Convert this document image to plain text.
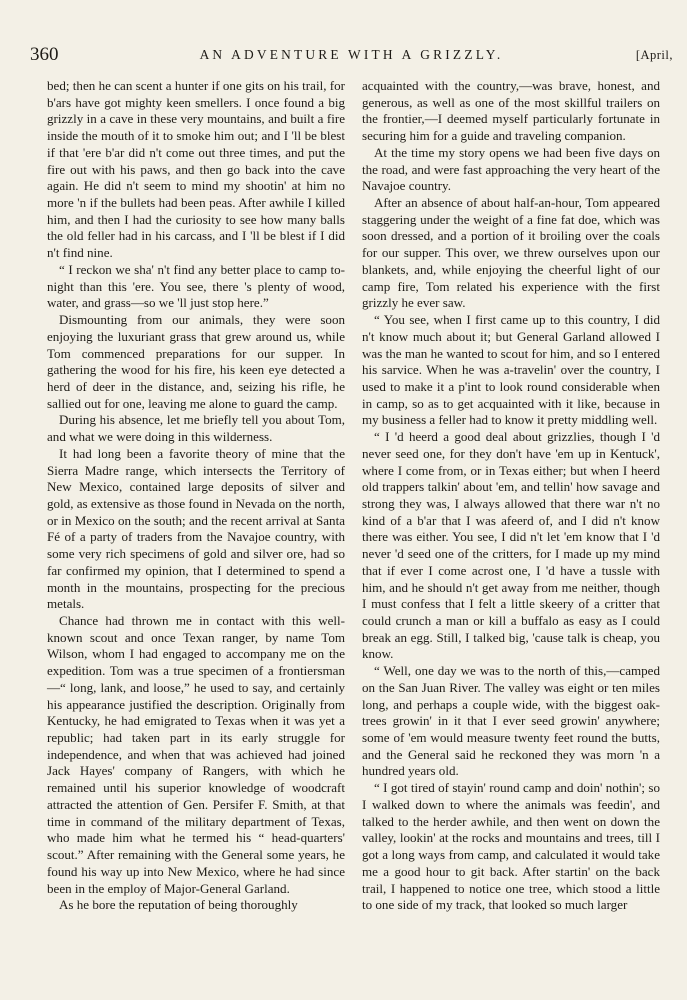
360	AN ADVENTURE WITH A GRIZZLY.	[April,

bed; then he can scent a hunter if one gits on his trail, for b'ars have got mighty keen smellers. I once found a big grizzly in a cave in these very mountains, and built a fire inside the mouth of it to smoke him out; and I 'll be blest if that 'ere b'ar did n't come out three times, and put the fire out with his paws, and then go back into the cave again. He did n't seem to mind my shootin' at him no more 'n if the bullets had been peas. After awhile I killed him, and then I had the curiosity to see how many balls the old feller had in his carcass, and I 'll be blest if I did n't find nine.

“ I reckon we sha' n't find any better place to camp to-night than this 'ere. You see, there 's plenty of wood, water, and grass—so we 'll just stop here.”

Dismounting from our animals, they were soon enjoying the luxuriant grass that grew around us, while Tom commenced preparations for our supper. In gathering the wood for his fire, his keen eye detected a herd of deer in the distance, and, seizing his rifle, he sallied out for one, leaving me alone to guard the camp.

During his absence, let me briefly tell you about Tom, and what we were doing in this wilderness.

It had long been a favorite theory of mine that the Sierra Madre range, which intersects the Territory of New Mexico, contained large deposits of silver and gold, as extensive as those found in Nevada on the north, or in Mexico on the south; and the recent arrival at Santa Fé of a party of traders from the Navajoe country, with some very rich specimens of gold and silver ore, had so far confirmed my opinion, that I determined to spend a month in the mountains, prospecting for the precious metals.

Chance had thrown me in contact with this well-known scout and once Texan ranger, by name Tom Wilson, whom I had engaged to accompany me on the expedition. Tom was a true specimen of a frontiersman—“ long, lank, and loose,” he used to say, and certainly his appearance justified the description. Originally from Kentucky, he had emigrated to Texas when it was yet a republic; had taken part in its early struggle for independence, and when that was achieved had joined Jack Hayes' company of Rangers, with which he remained until his superior knowledge of woodcraft attracted the attention of Gen. Persifer F. Smith, at that time in command of the military department of Texas, who made him what he termed his “ head-quarters' scout.” After remaining with the General some years, he found his way up into New Mexico, where he had since been in the employ of Major-General Garland.

As he bore the reputation of being thoroughly

acquainted with the country,—was brave, honest, and generous, as well as one of the most skillful trailers on the frontier,—I deemed myself particularly fortunate in securing him for a guide and traveling companion.

At the time my story opens we had been five days on the road, and were fast approaching the very heart of the Navajoe country.

After an absence of about half-an-hour, Tom appeared staggering under the weight of a fine fat doe, which was soon dressed, and a portion of it broiling over the coals for our supper. This over, we threw ourselves upon our blankets, and, while enjoying the cheerful light of our camp fire, Tom related his experience with the first grizzly he ever saw.

“ You see, when I first came up to this country, I did n't know much about it; but General Garland allowed I was the man he wanted to scout for him, and so I entered his sarvice. When he was a-travelin' over the country, I used to make it a p'int to look round considerable when in camp, so as to get acquainted with it like, because in my business a feller had to know it pretty middling well.

“ I 'd heerd a good deal about grizzlies, though I 'd never seed one, for they don't have 'em up in Kentuck', where I come from, or in Texas either; but when I heerd old trappers talkin' about 'em, and tellin' how savage and strong they was, I always allowed that there war n't no kind of a b'ar that I was afeerd of, and I did n't know there was either. You see, I did n't let 'em know that I 'd never 'd seed one of the critters, for I made up my mind that if ever I come acrost one, I 'd have a tussle with him, and he should n't get away from me neither, though I must confess that I felt a little skeery of a critter that could crunch a man or kill a buffalo as easy as I could break an egg. Still, I talked big, 'cause talk is cheap, you know.

“ Well, one day we was to the north of this,—camped on the San Juan River. The valley was eight or ten miles long, and perhaps a couple wide, with the biggest oak-trees growin' in it that I ever seed growin' anywhere; some of 'em would measure twenty feet round the butts, and the General said he reckoned they was morn 'n a hundred years old.

“ I got tired of stayin' round camp and doin' nothin'; so I walked down to where the animals was feedin', and talked to the herder awhile, and then went on down the valley, lookin' at the rocks and mountains and trees, till I got a long ways from camp, and calculated it would take me a good hour to git back. After startin' on the back trail, I happened to notice one tree, which stood a little to one side of my track, that looked so much larger
